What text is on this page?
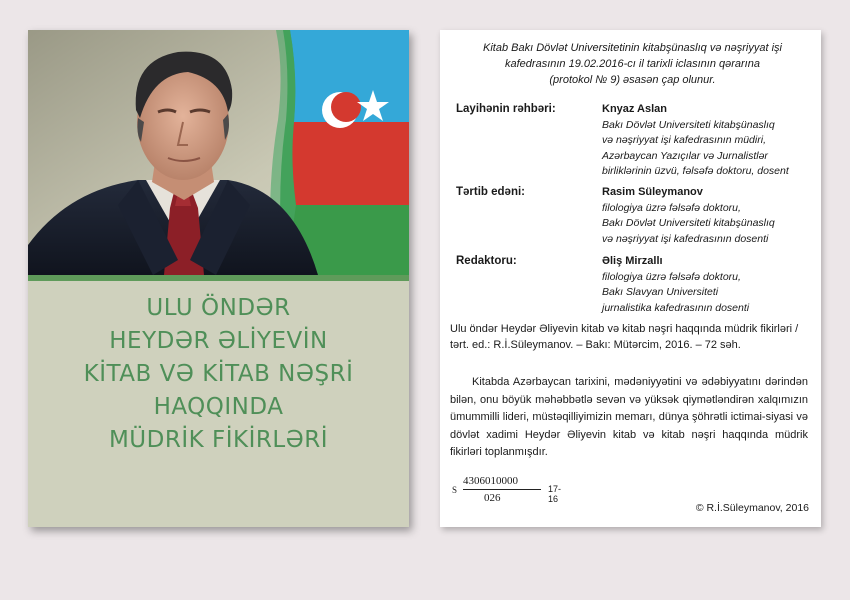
ULU ÖNDƏR
HEYDƏR ƏLİYEVİN
KİTAB VƏ KİTAB NƏŞRİ
HAQQINDA
MÜDRİK FİKİRLƏRİ
Kitab Bakı Dövlət Universitetinin kitabşünaslıq və nəşriyyat işi
kafedrasının 19.02.2016-cı il tarixli iclasının qərarına
(protokol № 9) əsasən çap olunur.
Layihənin rəhbəri:	Knyaz Aslan
Bakı Dövlət Universiteti kitabşünaslıq
və nəşriyyat işi kafedrasının müdiri,
Azərbaycan Yazıçılar və Jurnalistlər
birliklərinin üzvü, fəlsəfə doktoru, dosent
Tərtib edəni:	Rasim Süleymanov
filologiya üzrə fəlsəfə doktoru,
Bakı Dövlət Universiteti kitabşünaslıq
və nəşriyyat işi kafedrasının dosenti
Redaktoru:	Əliş Mirzallı
filologiya üzrə fəlsəfə doktoru,
Bakı Slavyan Universiteti
jurnalistika kafedrasının dosenti
Ulu öndər Heydər Əliyevin kitab və kitab nəşri haqqında müdrik fikirləri / tərt. ed.: R.İ.Süleymanov. – Bakı: Mütərcim, 2016. – 72 səh.
Kitabda Azərbaycan tarixini, mədəniyyətini və ədəbiyyatını dərindən bilən, onu böyük məhəbbətlə sevən və yüksək qiymətləndirən xalqımızın ümummilli lideri, müstəqilliyimizin memarı, dünya şöhrətli ictimai-siyasi və dövlət xadimi Heydər Əliyevin kitab və kitab nəşri haqqında müdrik fikirləri toplanmışdır.
S
4306010000
026
17-16
© R.İ.Süleymanov, 2016
